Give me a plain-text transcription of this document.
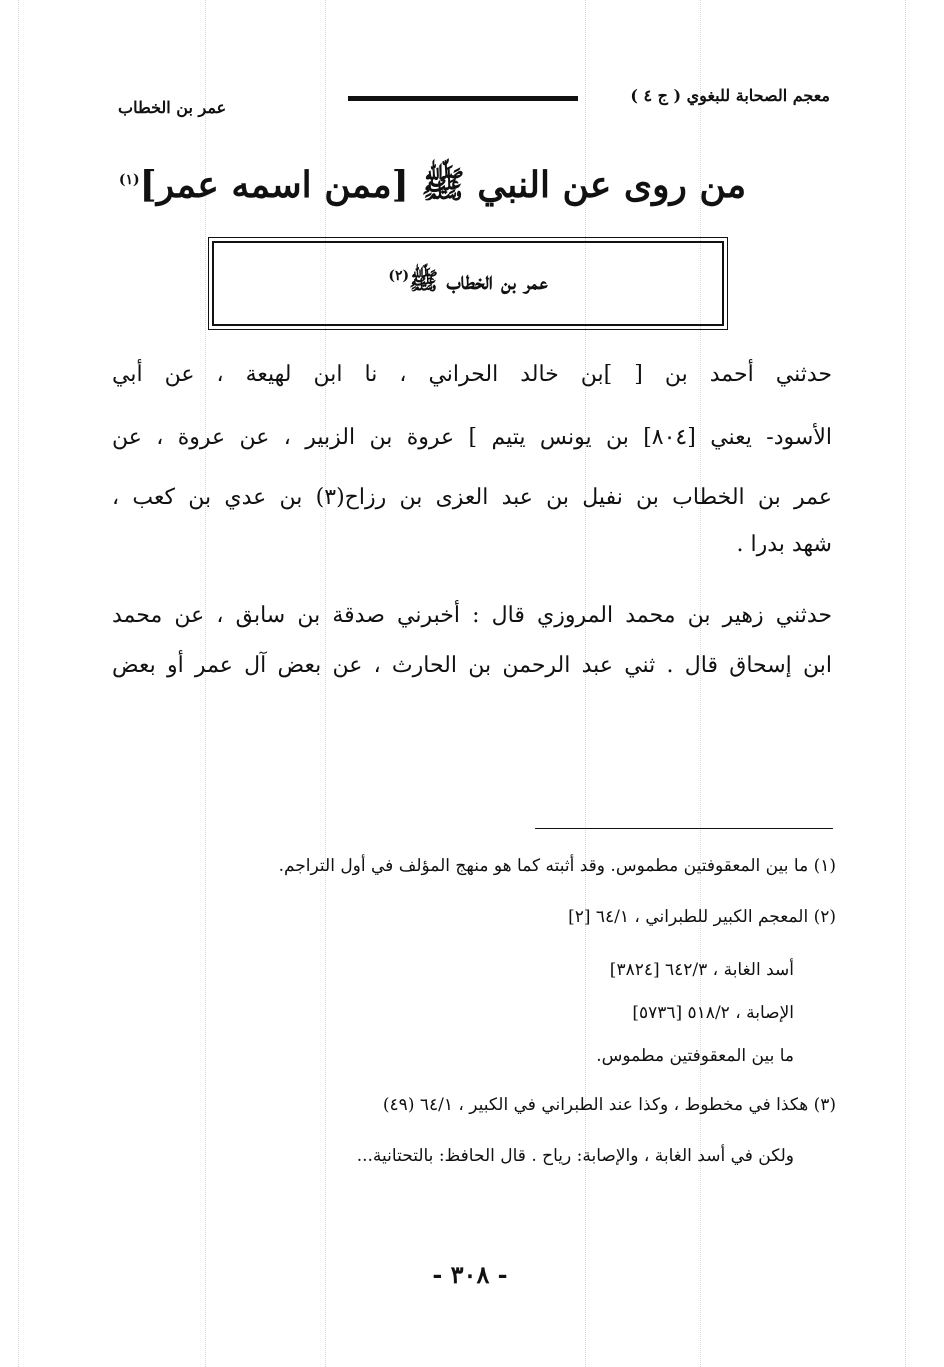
معجم الصحابة للبغوي ( ج ٤ )
عمر بن الخطاب
من روى عن النبي ﷺ [ممن اسمه عمر]$^{(١)}$
عمر بن الخطاب ﷺ$^{(٢)}$
حدثني أحمد بن [ ]بن خالد الحراني ، نا ابن لهيعة ، عن أبي
الأسود- يعني [٨٠٤] بن يونس يتيم ] عروة بن الزبير ، عن عروة ، عن
عمر بن الخطاب بن نفيل بن عبد العزى بن رزاح(٣) بن عدي بن كعب ،
شهد بدرا .
حدثني زهير بن محمد المروزي قال : أخبرني صدقة بن سابق ، عن محمد
ابن إسحاق قال . ثني عبد الرحمن بن الحارث ، عن بعض آل عمر أو بعض
(١) ما بين المعقوفتين مطموس. وقد أثبته كما هو منهج المؤلف في أول التراجم.
(٢) المعجم الكبير للطبراني ، ٦٤/١ [٢]
أسد الغابة ، ٦٤٢/٣ [٣٨٢٤]
الإصابة ، ٥١٨/٢ [٥٧٣٦]
ما بين المعقوفتين مطموس.
(٣) هكذا في مخطوط ، وكذا عند الطبراني في الكبير ، ٦٤/١ (٤٩)
ولكن في أسد الغابة ، والإصابة: رياح . قال الحافظ: بالتحتانية...
- ٣٠٨ -
